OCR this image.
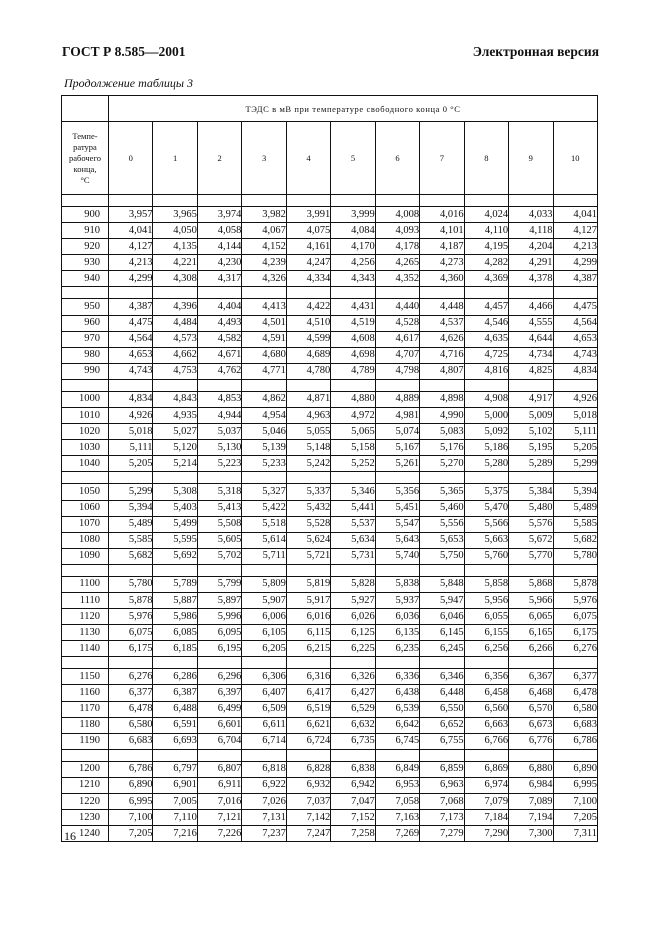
ГОСТ Р 8.585—2001	Электронная версия
Продолжение таблицы 3
	ТЭДС в мВ при температуре свободного конца 0 °С										
Темпе-
ратура
рабочего
конца,
°С	0	1	2	3	4	5	6	7	8	9	10

900	3,957	3,965	3,974	3,982	3,991	3,999	4,008	4,016	4,024	4,033	4,041
910	4,041	4,050	4,058	4,067	4,075	4,084	4,093	4,101	4,110	4,118	4,127
920	4,127	4,135	4,144	4,152	4,161	4,170	4,178	4,187	4,195	4,204	4,213
930	4,213	4,221	4,230	4,239	4,247	4,256	4,265	4,273	4,282	4,291	4,299
940	4,299	4,308	4,317	4,326	4,334	4,343	4,352	4,360	4,369	4,378	4,387

950	4,387	4,396	4,404	4,413	4,422	4,431	4,440	4,448	4,457	4,466	4,475
960	4,475	4,484	4,493	4,501	4,510	4,519	4,528	4,537	4,546	4,555	4,564
970	4,564	4,573	4,582	4,591	4,599	4,608	4,617	4,626	4,635	4,644	4,653
980	4,653	4,662	4,671	4,680	4,689	4,698	4,707	4,716	4,725	4,734	4,743
990	4,743	4,753	4,762	4,771	4,780	4,789	4,798	4,807	4,816	4,825	4,834

1000	4,834	4,843	4,853	4,862	4,871	4,880	4,889	4,898	4,908	4,917	4,926
1010	4,926	4,935	4,944	4,954	4,963	4,972	4,981	4,990	5,000	5,009	5,018
1020	5,018	5,027	5,037	5,046	5,055	5,065	5,074	5,083	5,092	5,102	5,111
1030	5,111	5,120	5,130	5,139	5,148	5,158	5,167	5,176	5,186	5,195	5,205
1040	5,205	5,214	5,223	5,233	5,242	5,252	5,261	5,270	5,280	5,289	5,299

1050	5,299	5,308	5,318	5,327	5,337	5,346	5,356	5,365	5,375	5,384	5,394
1060	5,394	5,403	5,413	5,422	5,432	5,441	5,451	5,460	5,470	5,480	5,489
1070	5,489	5,499	5,508	5,518	5,528	5,537	5,547	5,556	5,566	5,576	5,585
1080	5,585	5,595	5,605	5,614	5,624	5,634	5,643	5,653	5,663	5,672	5,682
1090	5,682	5,692	5,702	5,711	5,721	5,731	5,740	5,750	5,760	5,770	5,780

1100	5,780	5,789	5,799	5,809	5,819	5,828	5,838	5,848	5,858	5,868	5,878
1110	5,878	5,887	5,897	5,907	5,917	5,927	5,937	5,947	5,956	5,966	5,976
1120	5,976	5,986	5,996	6,006	6,016	6,026	6,036	6,046	6,055	6,065	6,075
1130	6,075	6,085	6,095	6,105	6,115	6,125	6,135	6,145	6,155	6,165	6,175
1140	6,175	6,185	6,195	6,205	6,215	6,225	6,235	6,245	6,256	6,266	6,276

1150	6,276	6,286	6,296	6,306	6,316	6,326	6,336	6,346	6,356	6,367	6,377
1160	6,377	6,387	6,397	6,407	6,417	6,427	6,438	6,448	6,458	6,468	6,478
1170	6,478	6,488	6,499	6,509	6,519	6,529	6,539	6,550	6,560	6,570	6,580
1180	6,580	6,591	6,601	6,611	6,621	6,632	6,642	6,652	6,663	6,673	6,683
1190	6,683	6,693	6,704	6,714	6,724	6,735	6,745	6,755	6,766	6,776	6,786

1200	6,786	6,797	6,807	6,818	6,828	6,838	6,849	6,859	6,869	6,880	6,890
1210	6,890	6,901	6,911	6,922	6,932	6,942	6,953	6,963	6,974	6,984	6,995
1220	6,995	7,005	7,016	7,026	7,037	7,047	7,058	7,068	7,079	7,089	7,100
1230	7,100	7,110	7,121	7,131	7,142	7,152	7,163	7,173	7,184	7,194	7,205
1240	7,205	7,216	7,226	7,237	7,247	7,258	7,269	7,279	7,290	7,300	7,311
16
